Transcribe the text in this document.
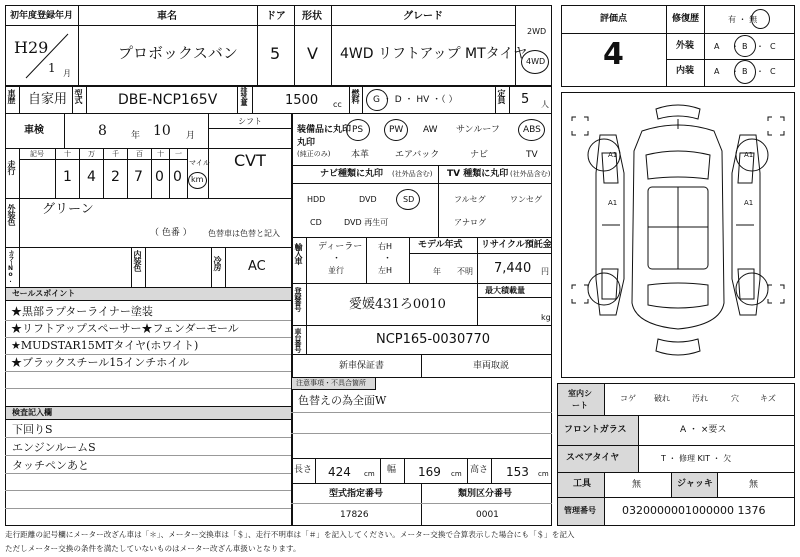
初年度登録年月	車名	ドア 形状	グレード
H29
1 月
プロボックスバン 5 V 4WD リフトアップ MTタイヤ
2WD
4WD
車歴 自家用 型式	DBE-NCP165V	排気量	1500 cc
燃料 G ・ D ・ HV ・（ ）	定員 5 人
車検	8	年 10 月
シフト
CVT
走行
記号	十 万 千 百 十 一
1 4 2 7 0 0
マイル
km
外装色 グリーン
（ 色番 ） 色替車は色替と記入
カラーNo.	内装色	冷房 AC
セールスポイント
★黒部ラプターライナー塗装
★リフトアップスペーサー★フェンダーモール
★MUDSTAR15MTタイヤ(ホワイト)
★ブラックスチール15インチホイル
検査記入欄
下回りS
エンジンルームS
タッチペンあと
装備品に丸印
(純正のみ)
丸印
PS	PW AW サンルーフ	ABS
本革	エアバック	ナビ	TV
ナビ種類に丸印 (社外品含む)
HDD	DVD	SD
CD	DVD 再生可
TV 種類に丸印 (社外品含む)
フルセグ	ワンセグ
アナログ
輸入車 ディーラー
・
並行
右H
・
左H
モデル年式
年 不明
リサイクル預託金
7,440 円
登録番号	愛媛431ろ0010
最大積載量
kg
車台番号	NCP165-0030770
新車保証書	車両取説
注意事項・不具合箇所
色替えの為全面W
長さ 424 cm 幅 169 cm 高さ 153 cm
型式指定番号
17826
類別区分番号
0001
評価点
4
修復歴	有 ・ 無
外装 A ・ B ・ C
内装 A ・ B ・ C
A1	A1
A1	A1
室内シート
コゲ 破れ	汚れ	穴	キズ
フロントガラス	A ・ ×要ス
スペアタイヤ	T ・ 修理 KIT ・ 欠
工具	無	ジャッキ	無
管理番号 0320000001000000 1376
走行距離の記号欄にメーター改ざん車は「＊」、メーター交換車は「＄」、走行不明車は「＃」を記入してください。メーター交換で合算表示した場合にも「＄」を記入
ただしメーター交換の条件を満たしていないものはメーター改ざん車扱いとなります。
